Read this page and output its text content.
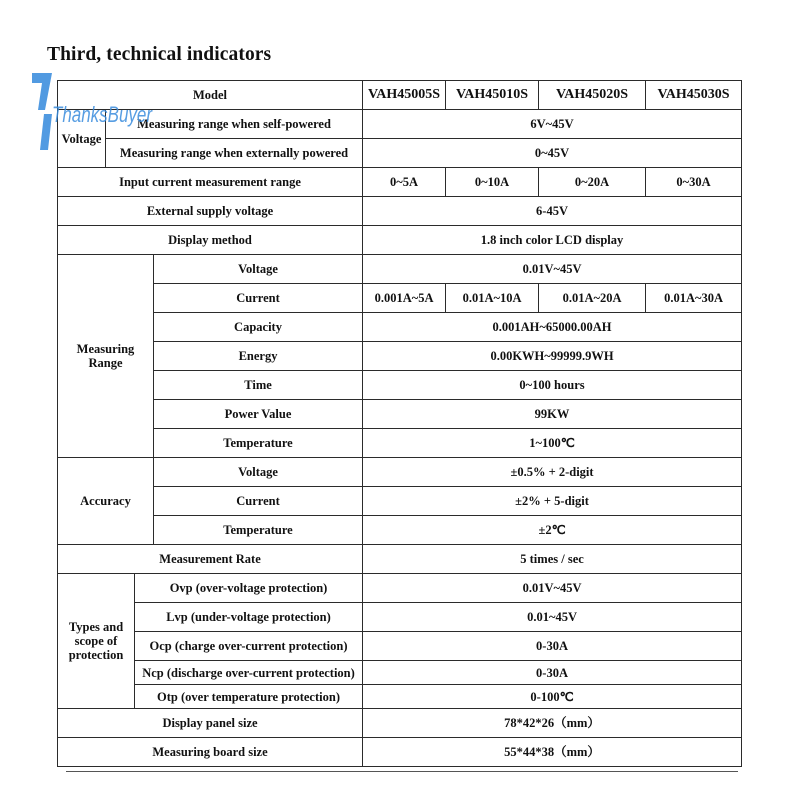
Third, technical indicators
Model				VAH45005S	VAH45010S	VAH45020S	VAH45030S
Voltage	Measuring range when self-powered			6V~45V			
	Measuring range when externally powered			0~45V			
Input current measurement range				0~5A	0~10A	0~20A	0~30A
External supply voltage				6-45V			
Display method				1.8 inch color LCD display			
Measuring Range			Voltage	0.01V~45V			
			Current	0.001A~5A	0.01A~10A	0.01A~20A	0.01A~30A
			Capacity	0.001AH~65000.00AH			
			Energy	0.00KWH~99999.9WH			
			Time	0~100 hours			
			Power Value	99KW			
			Temperature	1~100℃			
Accuracy			Voltage	±0.5% + 2-digit			
			Current	±2% + 5-digit			
			Temperature	±2℃			
Measurement Rate				5 times / sec			
Types and scope of protection		Ovp (over-voltage protection)		0.01V~45V			
		Lvp (under-voltage protection)		0.01~45V			
		Ocp (charge over-current protection)		0-30A			
		Ncp (discharge over-current protection)		0-30A			
		Otp (over temperature protection)		0-100℃			
Display panel size				78*42*26（mm）			
Measuring board size				55*44*38（mm）			
ThanksBuyer
